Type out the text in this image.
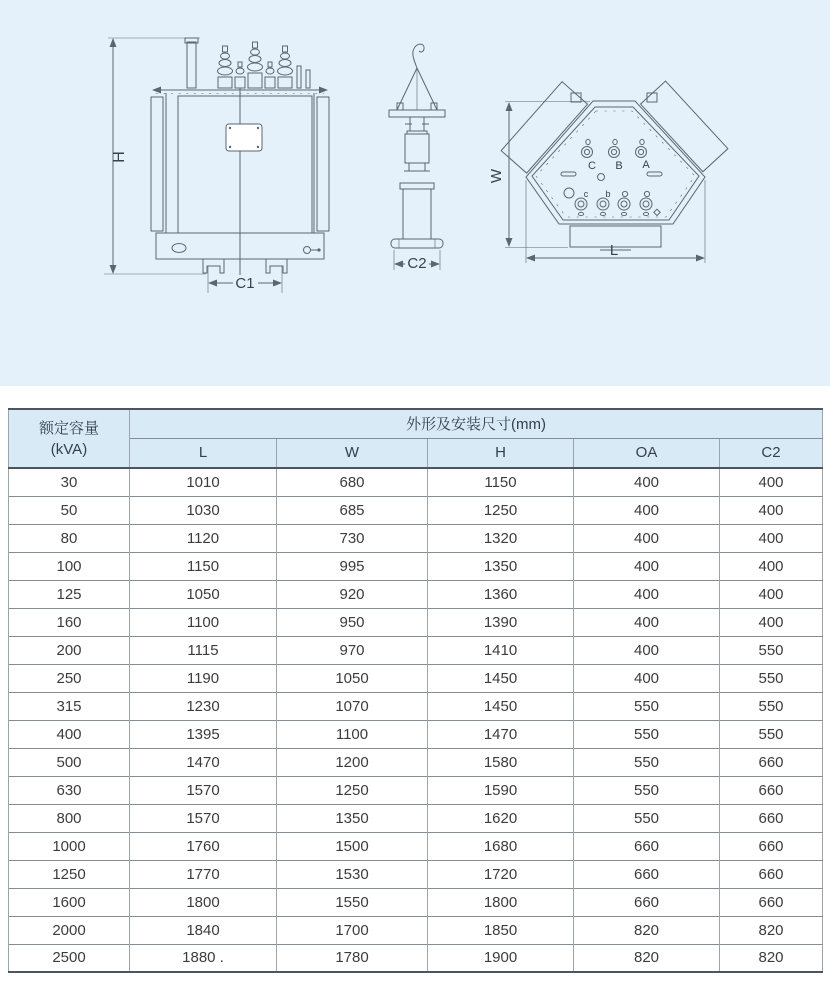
H
C1
C2
C B A
c b
W
L
额定容量
(kVA)	外形及安装尺寸(mm)				
	L	W	H	OA	C2
30	1010	680	1150	400	400
50	1030	685	1250	400	400
80	1120	730	1320	400	400
100	1150	995	1350	400	400
125	1050	920	1360	400	400
160	1100	950	1390	400	400
200	1115	970	1410	400	550
250	1190	1050	1450	400	550
315	1230	1070	1450	550	550
400	1395	1100	1470	550	550
500	1470	1200	1580	550	660
630	1570	1250	1590	550	660
800	1570	1350	1620	550	660
1000	1760	1500	1680	660	660
1250	1770	1530	1720	660	660
1600	1800	1550	1800	660	660
2000	1840	1700	1850	820	820
2500	1880 .	1780	1900	820	820
